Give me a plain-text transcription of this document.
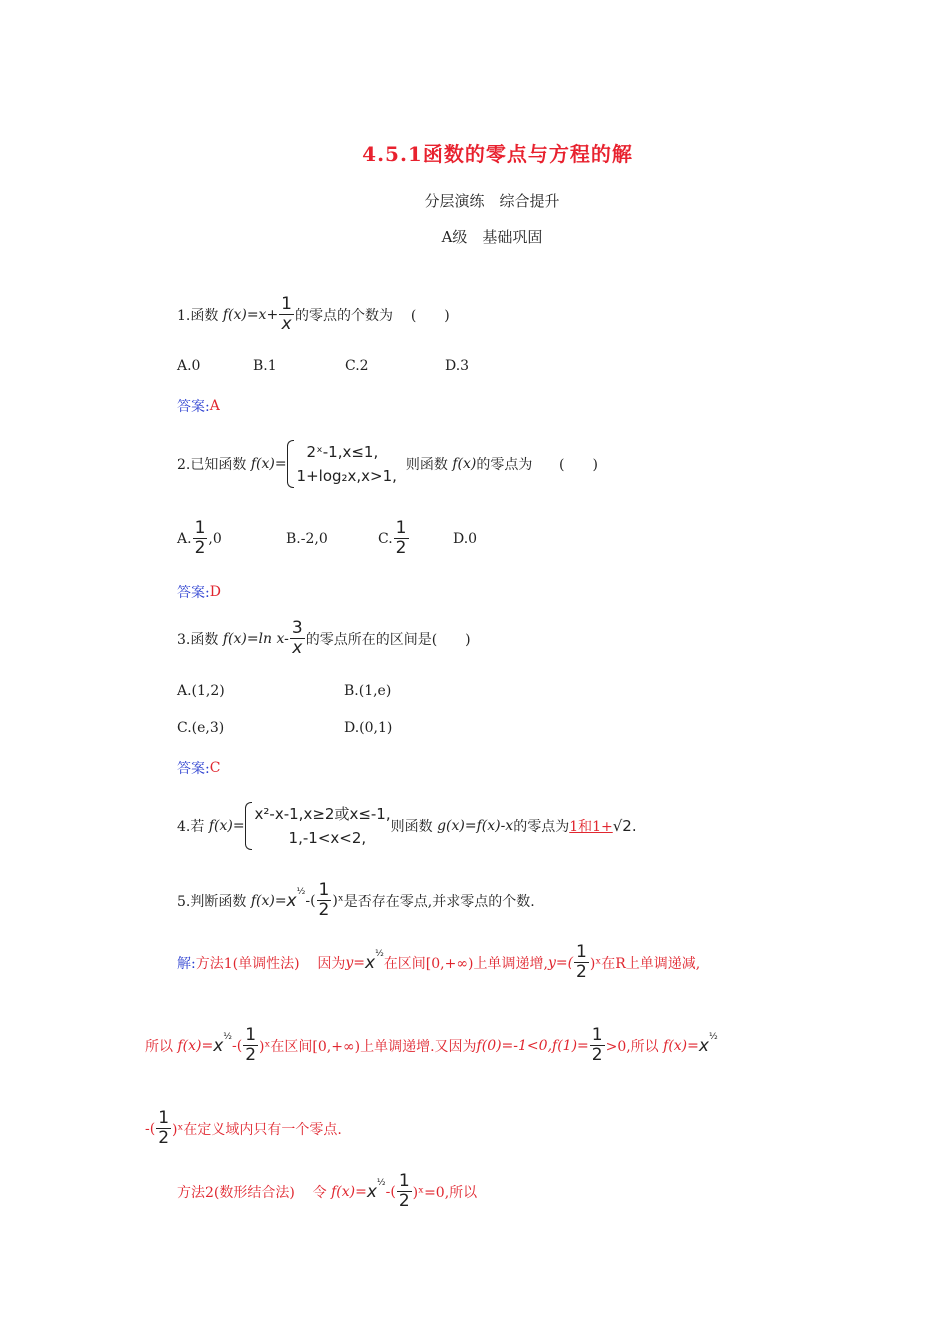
4.5.1函数的零点与方程的解
分层演练　综合提升
A级　基础巩固
1.函数
$f(x)=x+ \frac{1}{x}$ 的零点的个数为
(　　)
A.0	B.1	C.2	D.3
答案: A
2.已知函数
f(x)=
2ˣ-1,x≤1,
1+log₂x,x>1,

则函数
f(x) 的零点为
(　　)
A. $\frac{1}{2} ,0$	B.-2,0	C. $\frac{1}{2}$	D.0
答案: D
3.函数
f(x)=ln $x- \frac{3}{x}$ 的零点所在的区间是(　　)
A.(1,2)	B.(1,e)
C.(e,3)	D.(0,1)
答案: C
4.若
f(x)=
x²-x-1,x≥2或x≤-1,
1,-1<x<2,
则函数
g(x)=f(x)-x 的零点为 1和1+ √2.
5.判断函数
f(x)= x ½
-( $\frac{1}{2}$ )ˣ 是否存在零点,并求零点的个数.
解: 方法1(单调性法)
因为 y= x ½
在区间[0,+∞)上单调递增, $y=( \frac{1}{2}$ )ˣ在R上单调递减,
所以
f(x)= x ½
-( $\frac{1}{2}$ )ˣ在区间[0,+∞)上单调递增.又因为 f(0)=-1<0, $f(1)= \frac{1}{2} >0$,所以
f(x)= x ½
-( $\frac{1}{2}$ )ˣ在定义域内只有一个零点.
方法2(数形结合法)
令
f(x)= x ½
-( $\frac{1}{2}$ )ˣ=0,所以
